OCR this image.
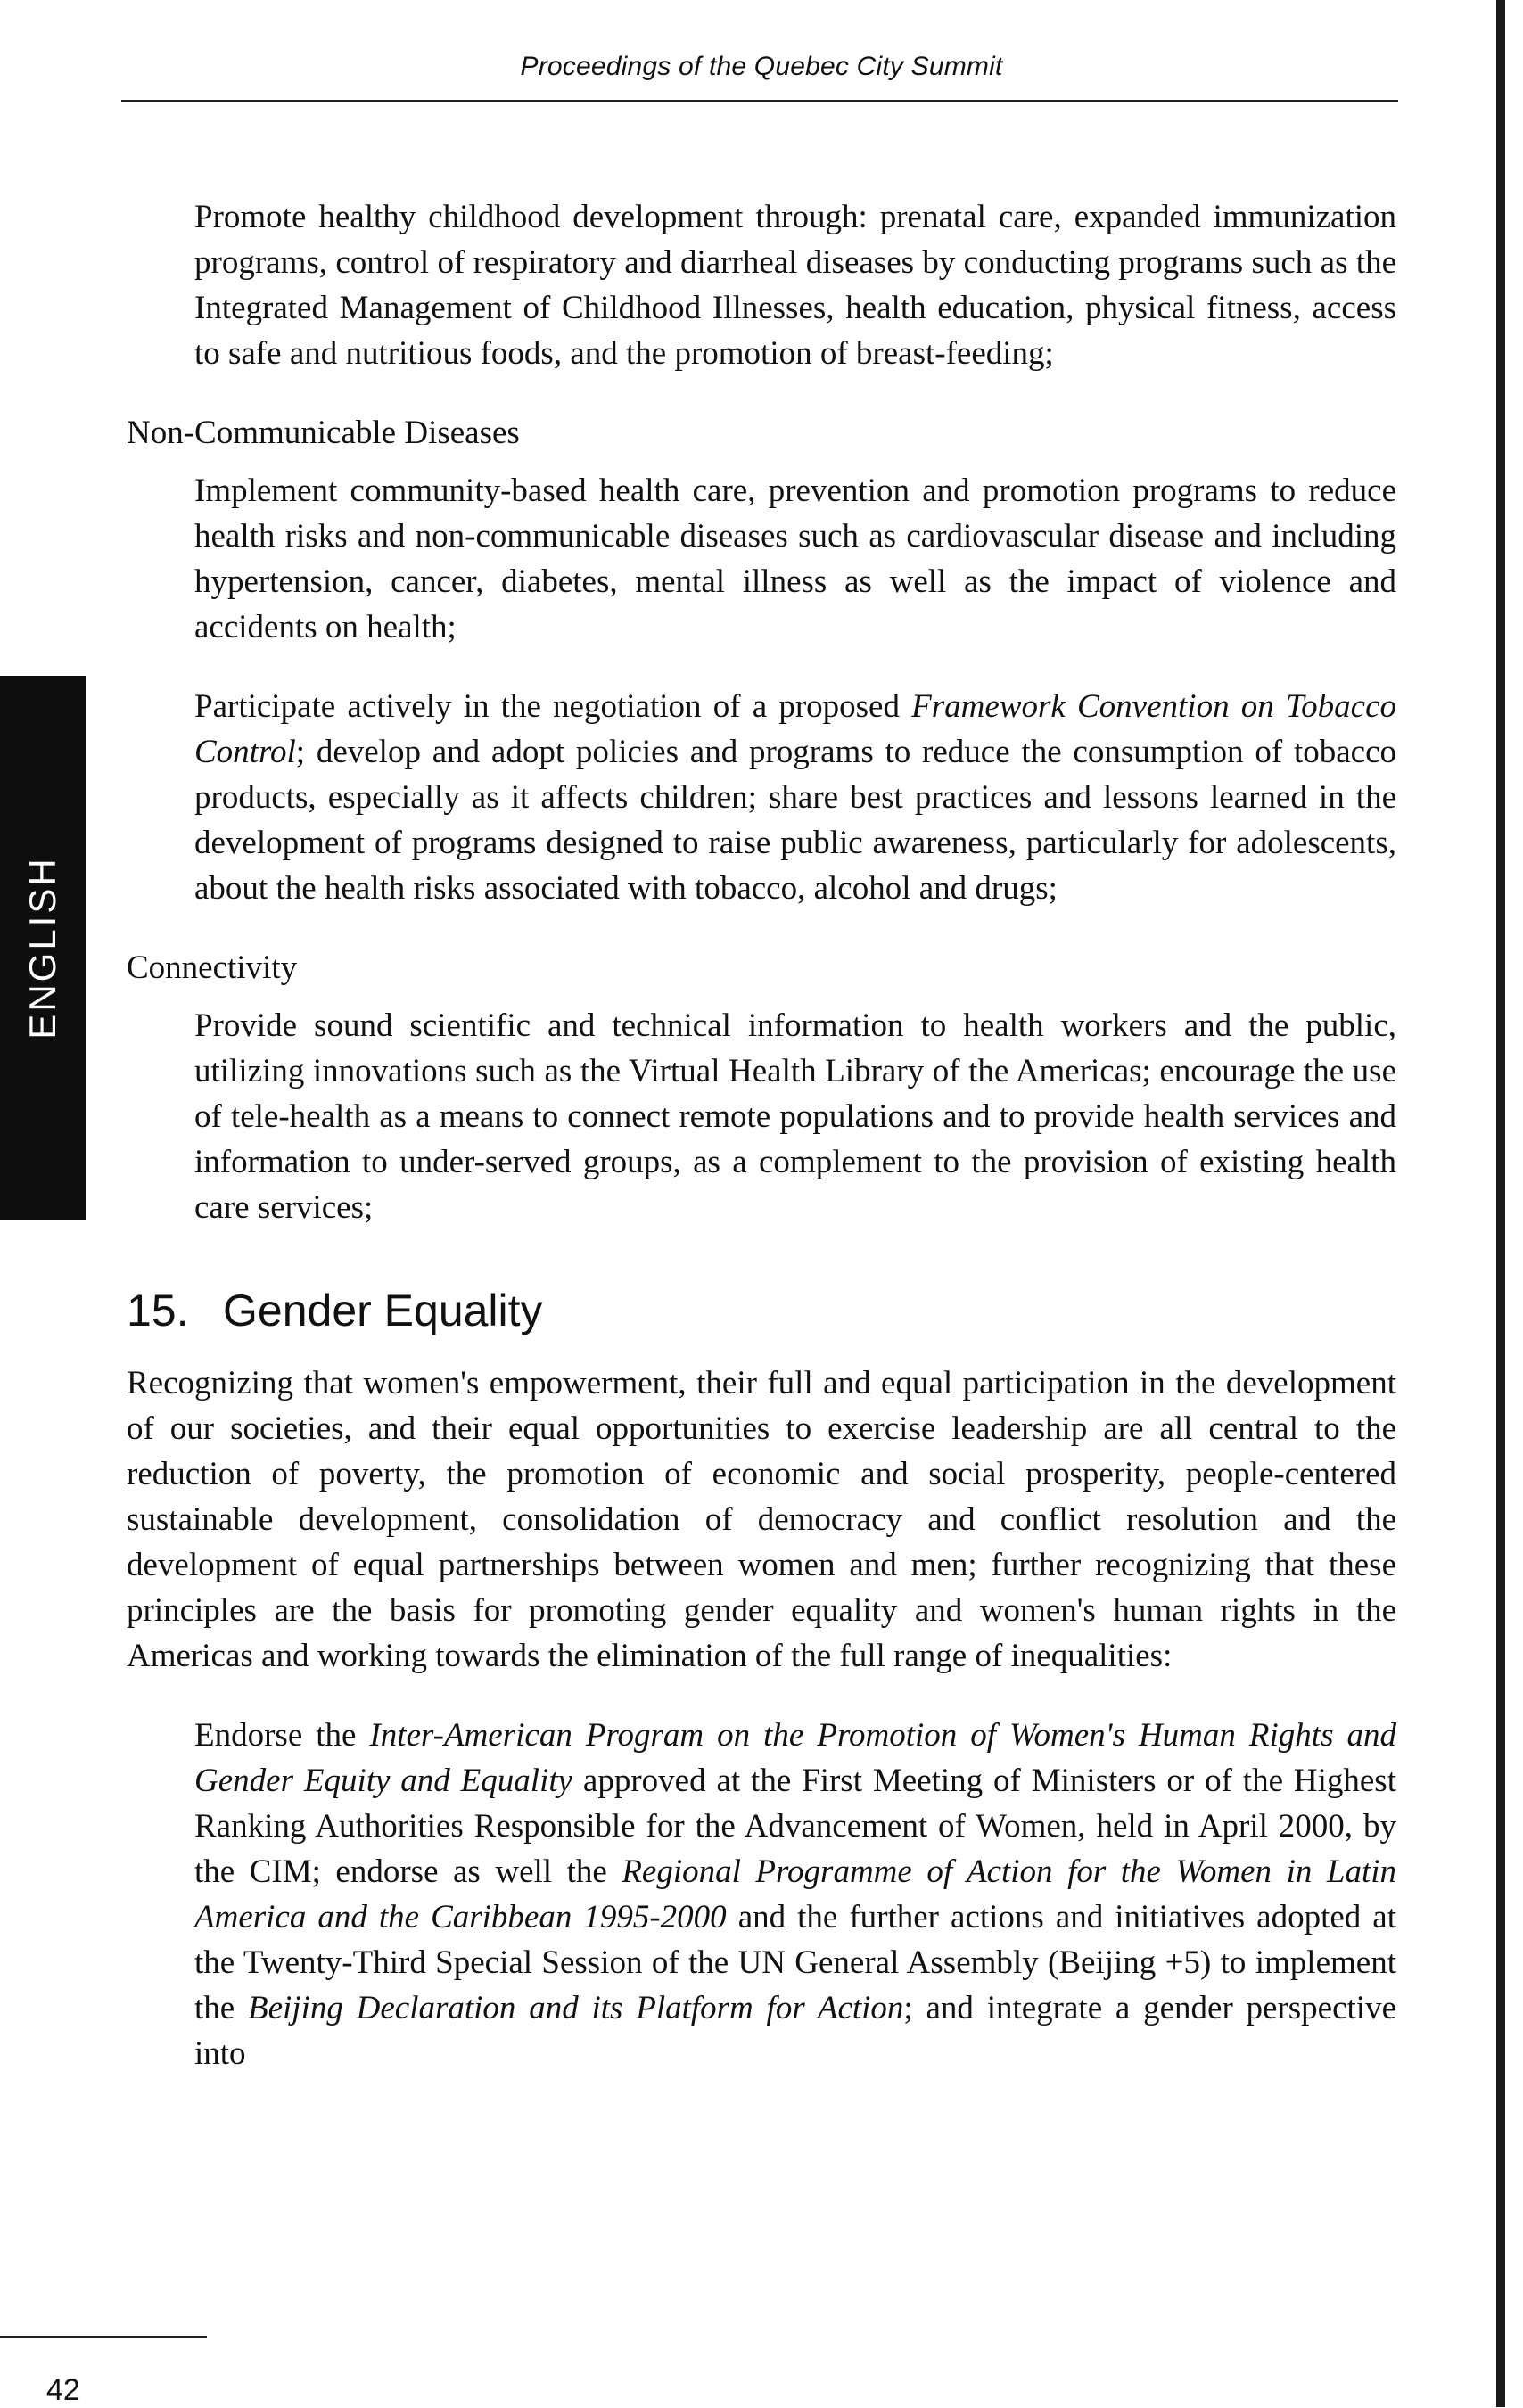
Proceedings of the Quebec City Summit
ENGLISH

Promote healthy childhood development through: prenatal care, expanded immunization programs, control of respiratory and diarrheal diseases by conducting programs such as the Integrated Management of Childhood Illnesses, health education, physical fitness, access to safe and nutritious foods, and the promotion of breast-feeding;

Non-Communicable Diseases

Implement community-based health care, prevention and promotion programs to reduce health risks and non-communicable diseases such as cardiovascular disease and including hypertension, cancer, diabetes, mental illness as well as the impact of violence and accidents on health;

Participate actively in the negotiation of a proposed Framework Convention on Tobacco Control; develop and adopt policies and programs to reduce the consumption of tobacco products, especially as it affects children; share best practices and lessons learned in the development of programs designed to raise public awareness, particularly for adolescents, about the health risks associated with tobacco, alcohol and drugs;

Connectivity

Provide sound scientific and technical information to health workers and the public, utilizing innovations such as the Virtual Health Library of the Americas; encourage the use of tele-health as a means to connect remote populations and to provide health services and information to under-served groups, as a complement to the provision of existing health care services;

15. Gender Equality

Recognizing that women's empowerment, their full and equal participation in the development of our societies, and their equal opportunities to exercise leadership are all central to the reduction of poverty, the promotion of economic and social prosperity, people-centered sustainable development, consolidation of democracy and conflict resolution and the development of equal partnerships between women and men; further recognizing that these principles are the basis for promoting gender equality and women's human rights in the Americas and working towards the elimination of the full range of inequalities:

Endorse the Inter-American Program on the Promotion of Women's Human Rights and Gender Equity and Equality approved at the First Meeting of Ministers or of the Highest Ranking Authorities Responsible for the Advancement of Women, held in April 2000, by the CIM; endorse as well the Regional Programme of Action for the Women in Latin America and the Caribbean 1995-2000 and the further actions and initiatives adopted at the Twenty-Third Special Session of the UN General Assembly (Beijing +5) to implement the Beijing Declaration and its Platform for Action; and integrate a gender perspective into

42
